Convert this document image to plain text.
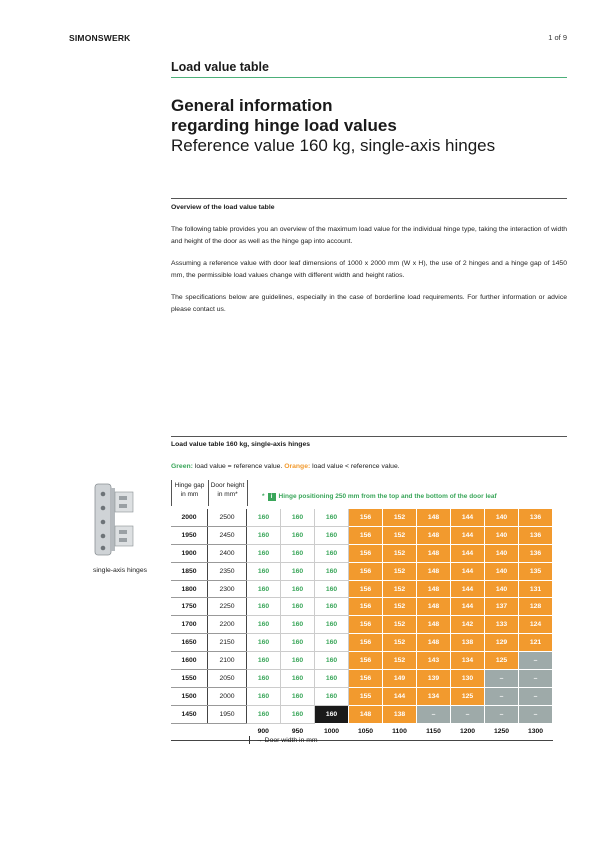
SIMONSWERK	1 of 9
Load value table
General information
regarding hinge load values
Reference value 160 kg, single-axis hinges
Overview of the load value table
The following table provides you an overview of the maximum load value for the individual hinge type, taking the interaction of width and height of the door as well as the hinge gap into account.
Assuming a reference value with door leaf dimensions of 1000 x 2000 mm (W x H), the use of 2 hinges and a hinge gap of 1450 mm, the permissible load values change with different width and height ratios.
The specifications below are guidelines, especially in the case of borderline load requirements. For further information or advice please contact us.
Load value table 160 kg, single-axis hinges
Green: load value = reference value. Orange: load value < reference value.
single-axis hinges
Hinge gap
in mm
Door height
in mm*	* i Hinge positioning 250 mm from the top and the bottom of the door leaf
2000	2500	160	160	160	156	152	148	144	140	136
1950	2450	160	160	160	156	152	148	144	140	136
1900	2400	160	160	160	156	152	148	144	140	136
1850	2350	160	160	160	156	152	148	144	140	135
1800	2300	160	160	160	156	152	148	144	140	131
1750	2250	160	160	160	156	152	148	144	137	128
1700	2200	160	160	160	156	152	148	142	133	124
1650	2150	160	160	160	156	152	148	138	129	121
1600	2100	160	160	160	156	152	143	134	125	–
1550	2050	160	160	160	156	149	139	130	–	–
1500	2000	160	160	160	155	144	134	125	–	–
1450	1950	160	160	160	148	138	–	–	–	–
		900	950	1000	1050	1100	1150	1200	1250	1300
→ Door width in mm
